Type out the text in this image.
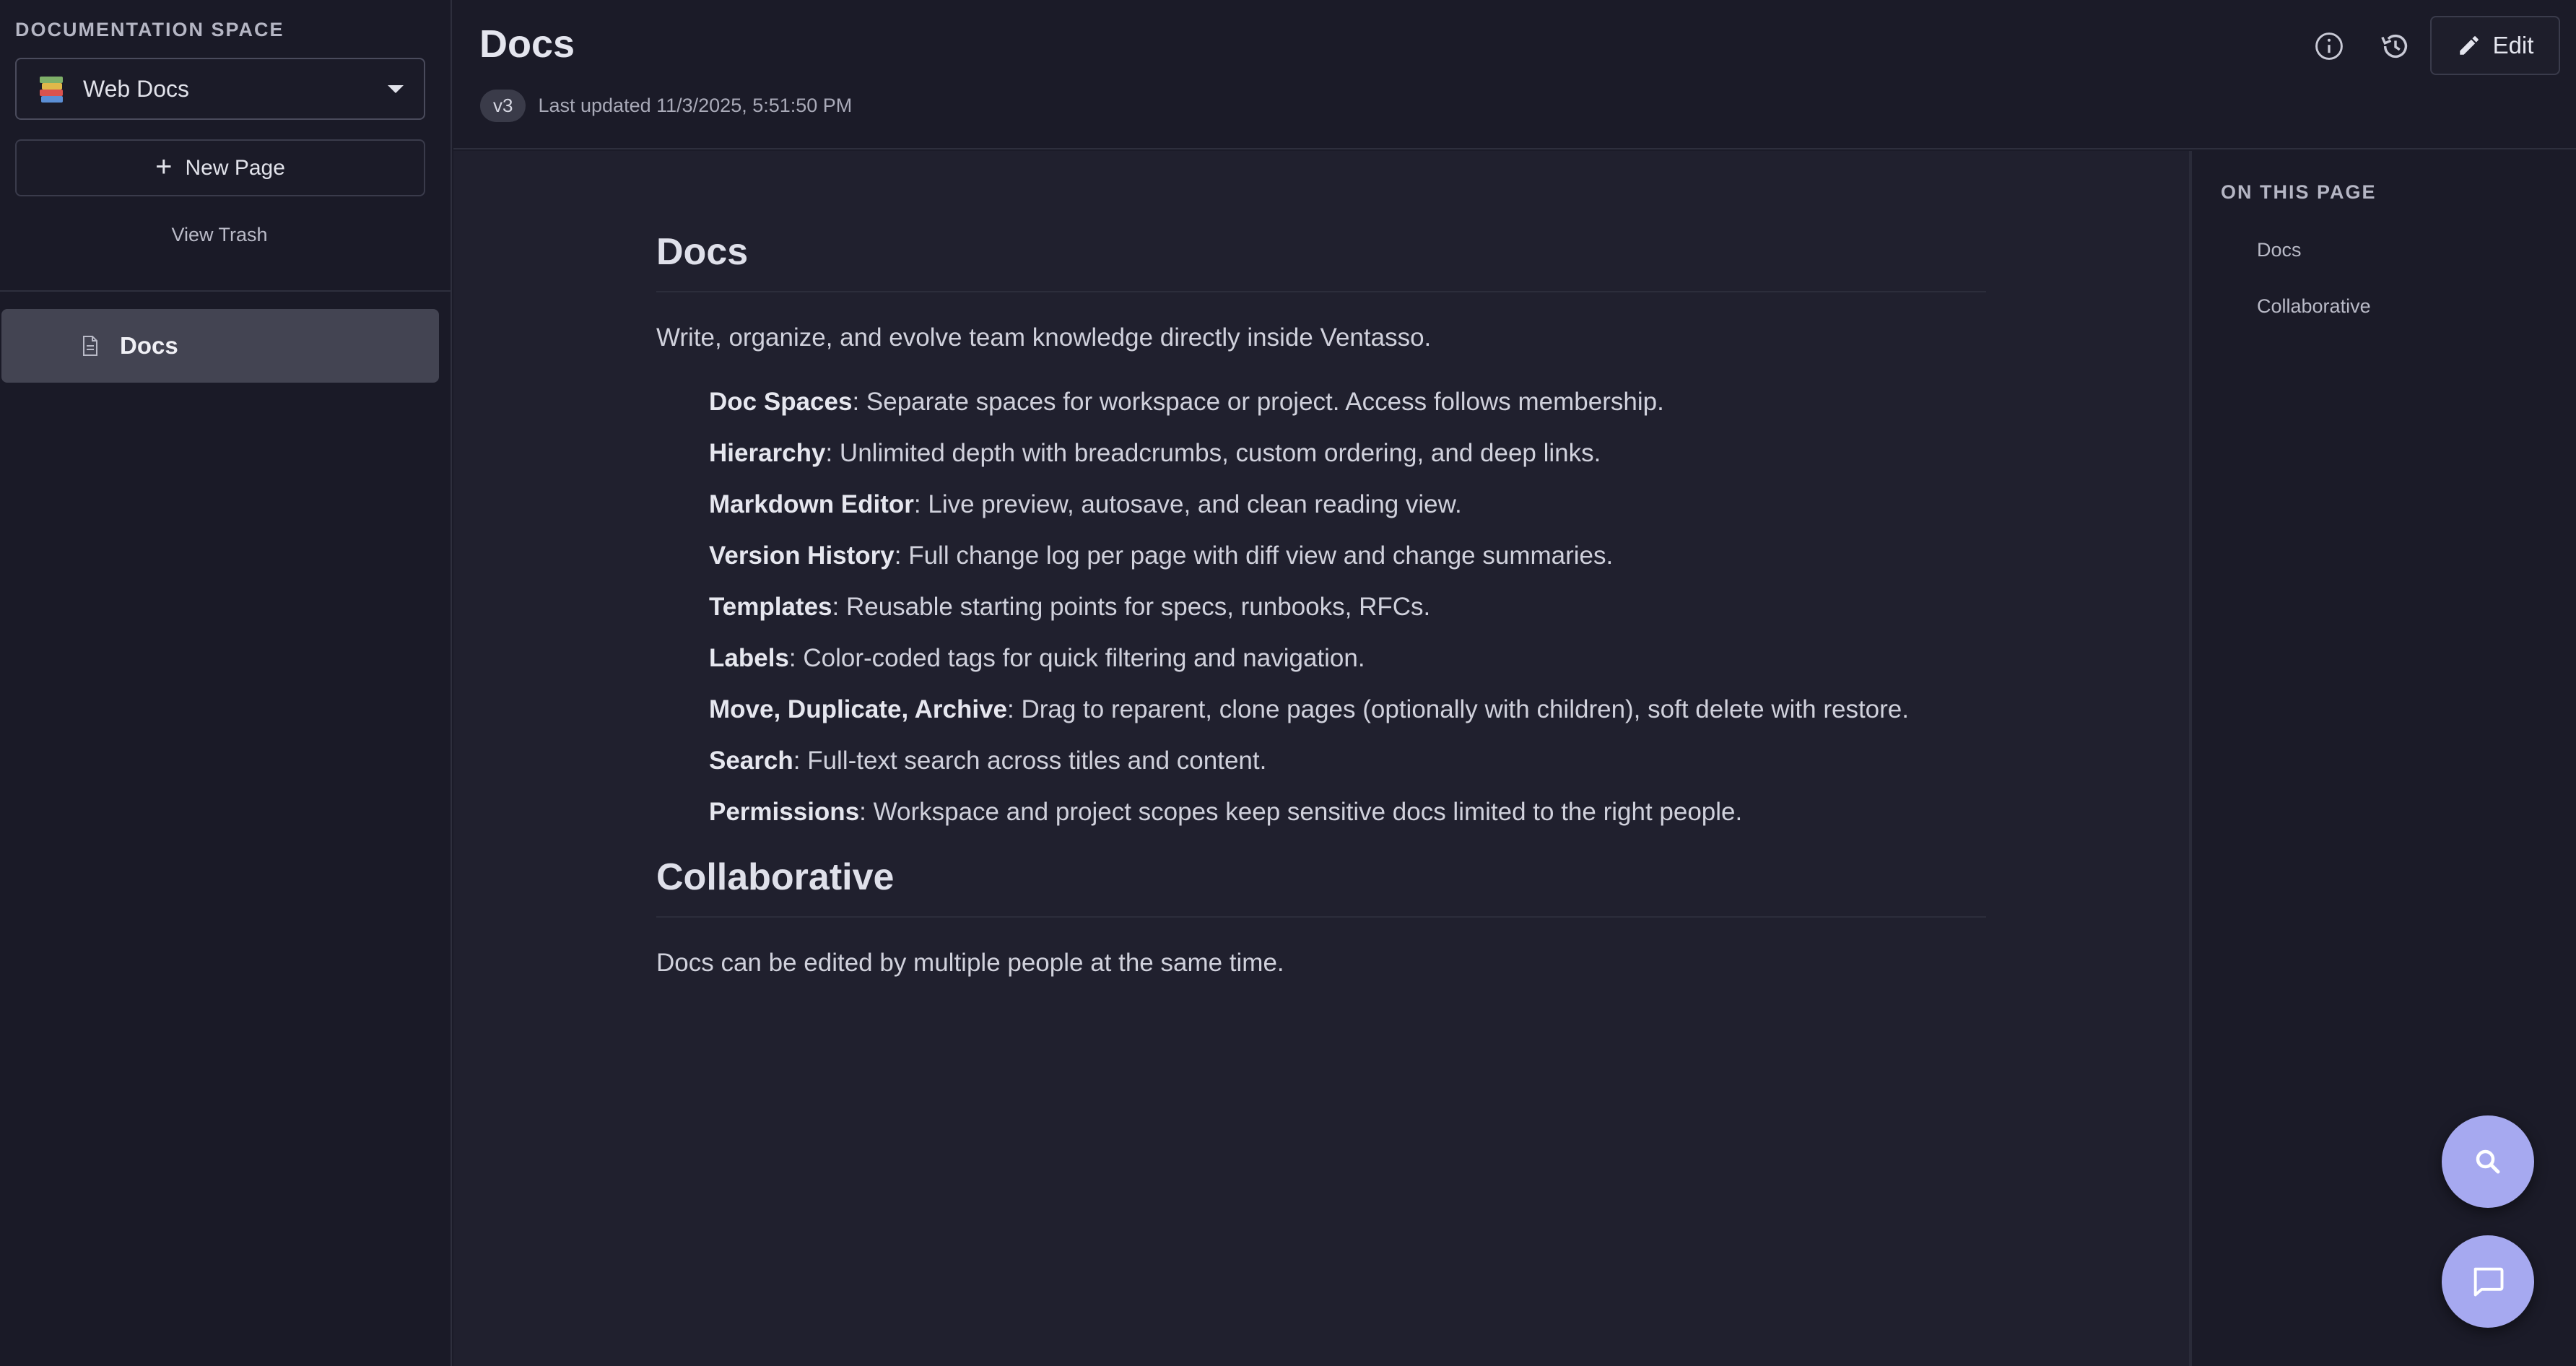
DOCUMENTATION SPACE
Web Docs
+ New Page
View Trash
Docs
Docs
v3	Last updated 11/3/2025, 5:51:50 PM
Edit
Docs

Write, organize, and evolve team knowledge directly inside Ventasso.

Doc Spaces: Separate spaces for workspace or project. Access follows membership.
Hierarchy: Unlimited depth with breadcrumbs, custom ordering, and deep links.
Markdown Editor: Live preview, autosave, and clean reading view.
Version History: Full change log per page with diff view and change summaries.
Templates: Reusable starting points for specs, runbooks, RFCs.
Labels: Color-coded tags for quick filtering and navigation.
Move, Duplicate, Archive: Drag to reparent, clone pages (optionally with children), soft delete with restore.
Search: Full-text search across titles and content.
Permissions: Workspace and project scopes keep sensitive docs limited to the right people.
Collaborative

Docs can be edited by multiple people at the same time.

ON THIS PAGE
Docs
Collaborative
